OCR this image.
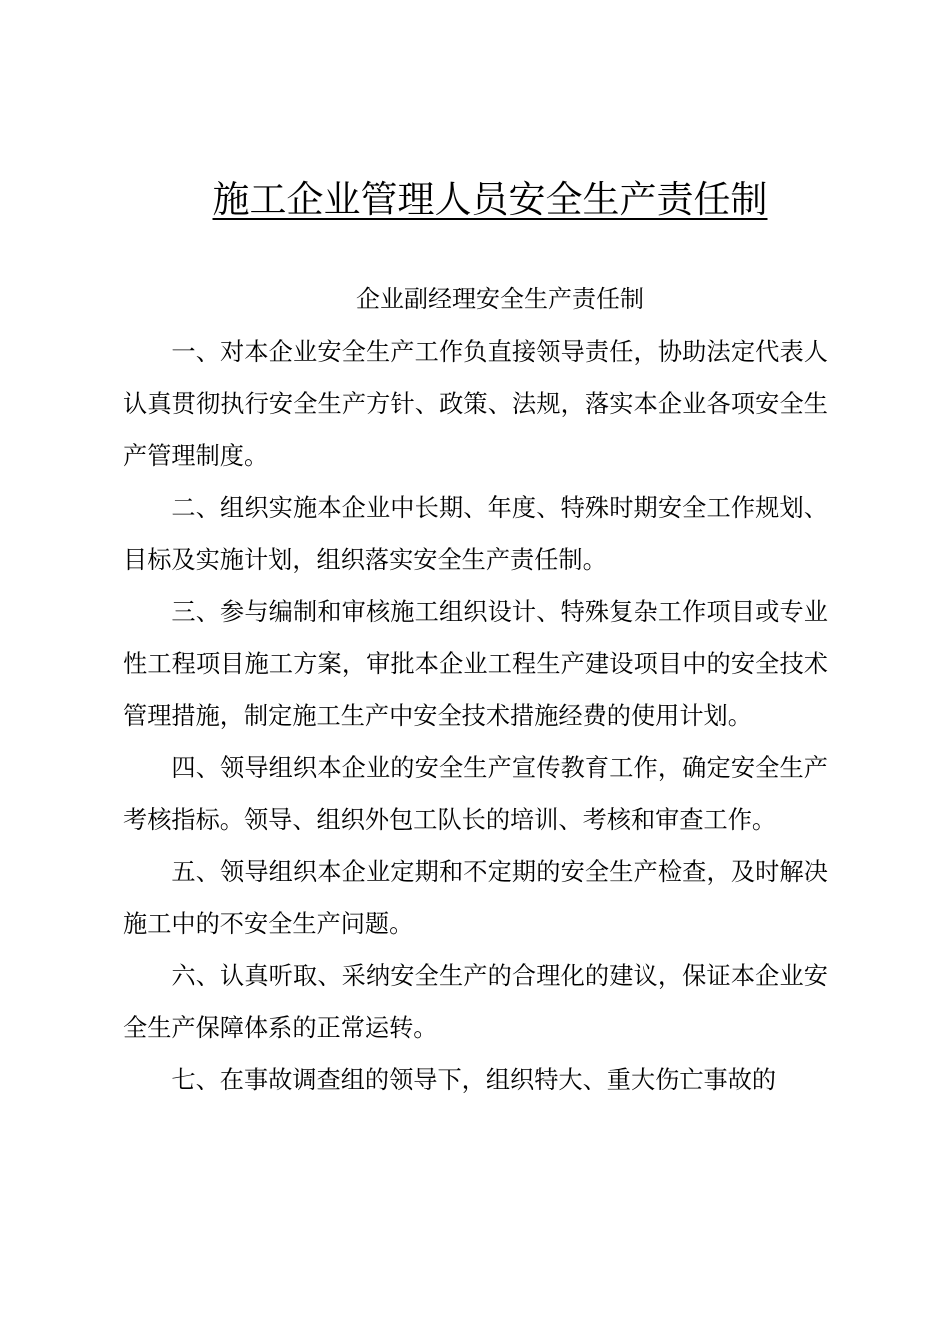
施工企业管理人员安全生产责任制
企业副经理安全生产责任制

一、对本企业安全生产工作负直接领导责任，协助法定代表人认真贯彻执行安全生产方针、政策、法规，落实本企业各项安全生产管理制度。

二、组织实施本企业中长期、年度、特殊时期安全工作规划、目标及实施计划，组织落实安全生产责任制。

三、参与编制和审核施工组织设计、特殊复杂工作项目或专业性工程项目施工方案，审批本企业工程生产建设项目中的安全技术管理措施，制定施工生产中安全技术措施经费的使用计划。

四、领导组织本企业的安全生产宣传教育工作，确定安全生产考核指标。领导、组织外包工队长的培训、考核和审查工作。

五、领导组织本企业定期和不定期的安全生产检查，及时解决施工中的不安全生产问题。

六、认真听取、采纳安全生产的合理化的建议，保证本企业安全生产保障体系的正常运转。

七、在事故调查组的领导下，组织特大、重大伤亡事故的
